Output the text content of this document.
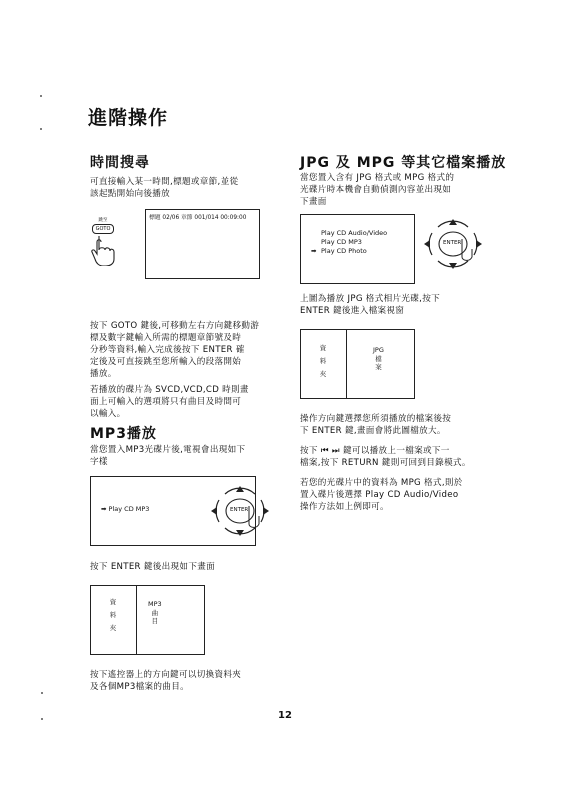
進階操作
時間搜尋
可直接輸入某一時間,標題或章節,並從
該起點開始向後播放
跳至
GOTO
標題 02/06 章節 001/014 00:09:00
按下 GOTO 鍵後,可移動左右方向鍵移動游
標及數字鍵輸入所需的標題章節號及時
分秒等資料,輸入完成後按下 ENTER 確
定後及可直接跳至您所輸入的段落開始
播放。
若播放的碟片為 SVCD,VCD,CD 時則畫
面上可輸入的選項將只有曲目及時間可
以輸入。
MP3播放
當您置入MP3光碟片後,電視會出現如下
字樣
➡ Play CD MP3	ENTER
按下 ENTER 鍵後出現如下畫面
資
料
夾
MP3
曲
目
按下遙控器上的方向鍵可以切換資料夾
及各個MP3檔案的曲目。
JPG 及 MPG 等其它檔案播放
當您置入含有 JPG 格式或 MPG 格式的
光碟片時本機會自動偵測內容並出現如
下畫面
Play CD Audio/Video
Play CD MP3
➡ Play CD Photo
ENTER
上圖為播放 JPG 格式相片光碟,按下
ENTER 鍵後進入檔案視窗
資
料
夾
JPG
檔
案
操作方向鍵選擇您所須播放的檔案後按
下 ENTER 鍵,畫面會將此圖檔放大。
按下 ⏮ ⏭ 鍵可以播放上一檔案或下一
檔案,按下 RETURN 鍵則可回到目錄模式。
若您的光碟片中的資料為 MPG 格式,則於
置入碟片後選擇 Play CD Audio/Video
操作方法如上例即可。
12
